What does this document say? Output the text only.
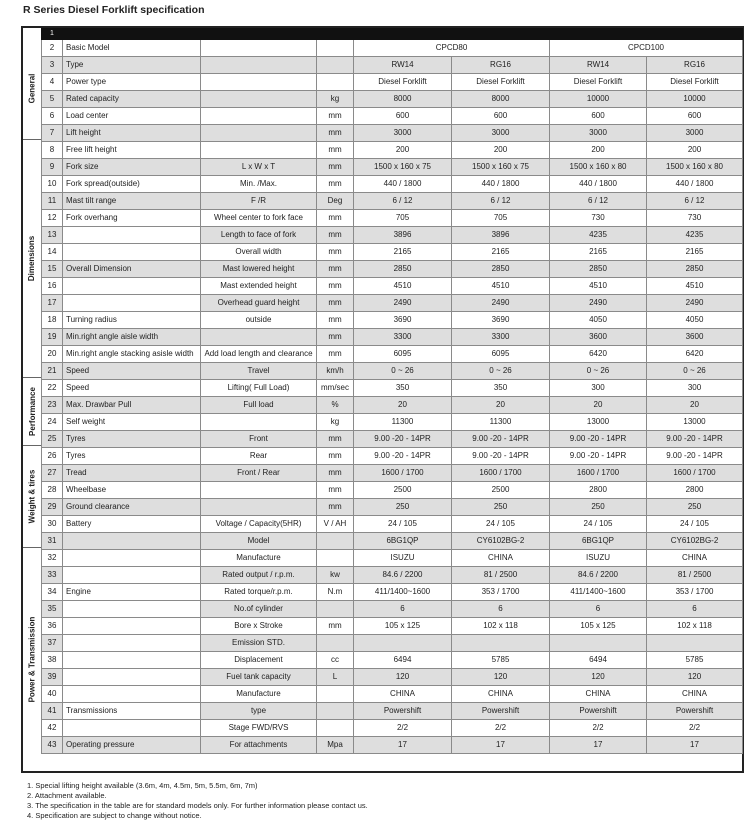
R Series Diesel Forklift specification
General
Dimensions
Performance
Weight & tires
Power & Transmission
1							
2	Basic Model			CPCD80		CPCD100	
3	Type			RW14	RG16	RW14	RG16
4	Power type			Diesel Forklift	Diesel Forklift	Diesel Forklift	Diesel Forklift
5	Rated capacity		kg	8000	8000	10000	10000
6	Load center		mm	600	600	600	600
7	Lift height		mm	3000	3000	3000	3000
8	Free lift height		mm	200	200	200	200
9	Fork size	L x W x T	mm	1500 x 160 x 75	1500 x 160 x 75	1500 x 160 x 80	1500 x 160 x 80
10	Fork spread(outside)	Min. /Max.	mm	440 / 1800	440 / 1800	440 / 1800	440 / 1800
11	Mast tilt range	F /R	Deg	6 / 12	6 / 12	6 / 12	6 / 12
12	Fork overhang	Wheel center to fork face	mm	705	705	730	730
13		Length to face of fork	mm	3896	3896	4235	4235
14		Overall width	mm	2165	2165	2165	2165
15	Overall Dimension	Mast lowered height	mm	2850	2850	2850	2850
16		Mast extended height	mm	4510	4510	4510	4510
17		Overhead guard height	mm	2490	2490	2490	2490
18	Turning radius	outside	mm	3690	3690	4050	4050
19	Min.right angle aisle width		mm	3300	3300	3600	3600
20	Min.right angle stacking asisle width	Add load length and clearance	mm	6095	6095	6420	6420
21	Speed	Travel	km/h	0 ~ 26	0 ~ 26	0 ~ 26	0 ~ 26
22	Speed	Lifting( Full Load)	mm/sec	350	350	300	300
23	Max. Drawbar Pull	Full load	%	20	20	20	20
24	Self weight		kg	11300	11300	13000	13000
25	Tyres	Front	mm	9.00 -20 - 14PR	9.00 -20 - 14PR	9.00 -20 - 14PR	9.00 -20 - 14PR
26	Tyres	Rear	mm	9.00 -20 - 14PR	9.00 -20 - 14PR	9.00 -20 - 14PR	9.00 -20 - 14PR
27	Tread	Front / Rear	mm	1600 / 1700	1600 / 1700	1600 / 1700	1600 / 1700
28	Wheelbase		mm	2500	2500	2800	2800
29	Ground clearance		mm	250	250	250	250
30	Battery	Voltage / Capacity(5HR)	V / AH	24 / 105	24 / 105	24 / 105	24 / 105
31		Model		6BG1QP	CY6102BG-2	6BG1QP	CY6102BG-2
32		Manufacture		ISUZU	CHINA	ISUZU	CHINA
33		Rated output / r.p.m.	kw	84.6 / 2200	81 / 2500	84.6 / 2200	81 / 2500
34	Engine	Rated torque/r.p.m.	N.m	411/1400~1600	353 / 1700	411/1400~1600	353 / 1700
35		No.of cylinder		6	6	6	6
36		Bore x Stroke	mm	105 x 125	102 x 118	105 x 125	102 x 118
37		Emission STD.					
38		Displacement	cc	6494	5785	6494	5785
39		Fuel tank capacity	L	120	120	120	120
40		Manufacture		CHINA	CHINA	CHINA	CHINA
41	Transmissions	type		Powershift	Powershift	Powershift	Powershift
42		Stage FWD/RVS		2/2	2/2	2/2	2/2
43	Operating pressure	For attachments	Mpa	17	17	17	17
1. Special lifting height available (3.6m, 4m, 4.5m, 5m, 5.5m, 6m, 7m)
2. Attachment available.
3. The specification in the table are for standard models only. For further information please contact us.
4. Specification are subject to change without notice.
